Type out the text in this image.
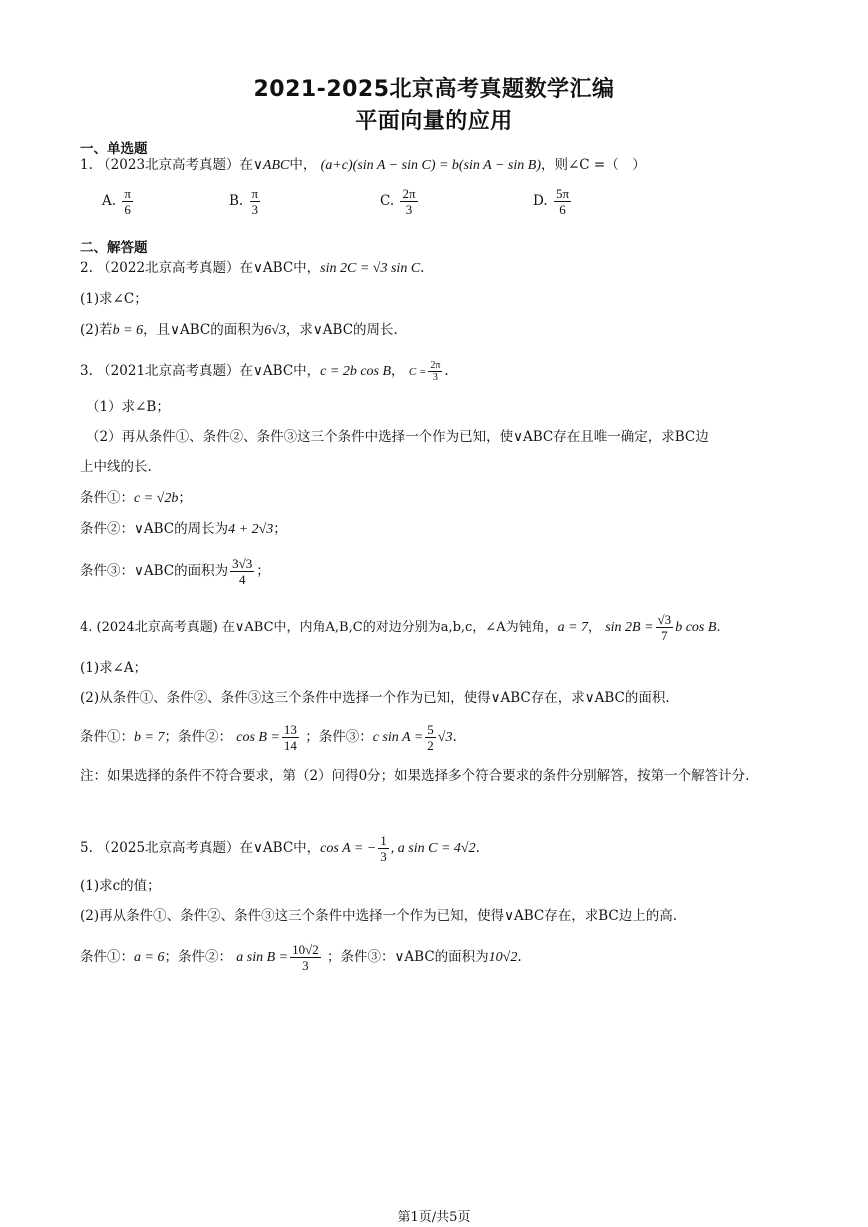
2021-2025北京高考真题数学汇编
平面向量的应用
一、单选题
1. （2023北京高考真题）在∨ABC中， (a+c)(sin A − sin C) = b(sin A − sin B)，则∠C =（　）
A. $\frac{\pi}{6}$	B. $\frac{\pi}{3}$	C. $\frac{2\pi}{3}$	D. $\frac{5\pi}{6}$
二、解答题
2. （2022北京高考真题）在∨ABC中，sin 2C = √3 sin C.
(1)求∠C；
(2)若b = 6，且∨ABC的面积为6√3，求∨ABC的周长.
3. （2021北京高考真题）在∨ABC中，c = 2b cos B， $C = \frac{2\pi}{3}$ .
（1）求∠B；
（2）再从条件①、条件②、条件③这三个条件中选择一个作为已知，使∨ABC存在且唯一确定，求BC边
上中线的长.
条件①：c = √2b；
条件②：∨ABC的周长为4 + 2√3；
条件③：∨ABC的面积为 $\frac{3√3}{4}$ ；
4. (2024北京高考真题) 在∨ABC中，内角A,B,C的对边分别为a,b,c，∠A为钝角，a = 7， $\sin 2B = \frac{√3}{7}$ b cos B.
(1)求∠A；
(2)从条件①、条件②、条件③这三个条件中选择一个作为已知，使得∨ABC存在，求∨ABC的面积.
条件①：b = 7；条件②： $\cos B = \frac{13}{14}$ ；条件③：c $\sin A = \frac{5}{2} √3$.
注：如果选择的条件不符合要求，第（2）问得0分；如果选择多个符合要求的条件分别解答，按第一个解答计分.
5. （2025北京高考真题）在∨ABC中，cos A = − $\frac{1}{3}$ , a sin C = 4√2.
(1)求c的值；
(2)再从条件①、条件②、条件③这三个条件中选择一个作为已知，使得∨ABC存在，求BC边上的高.
条件①：a = 6；条件②： a $\sin B = \frac{10√2}{3}$ ；条件③：∨ABC的面积为10√2.
第1页/共5页
